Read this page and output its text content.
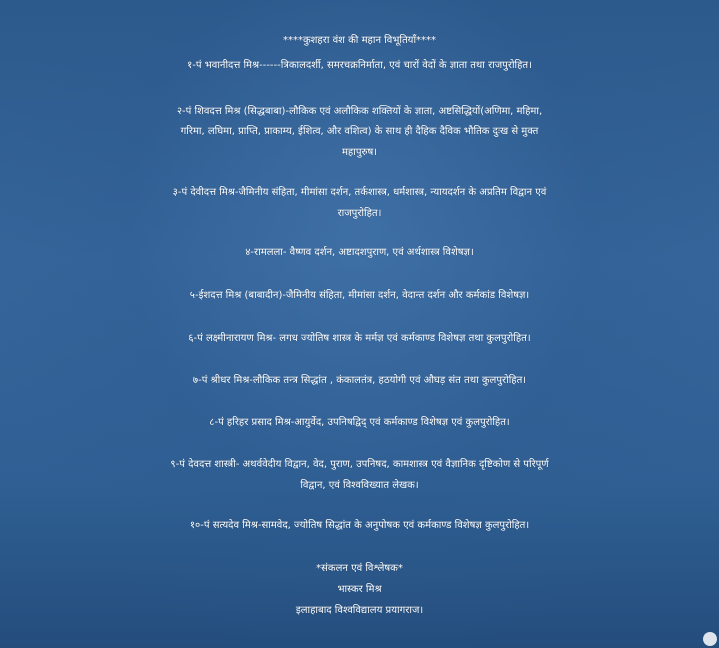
****कुशहरा वंश की महान विभूतियाँ****
१-पं भवानीदत्त मिश्र------त्रिकालदर्शी, समरचक्रनिर्माता, एवं चारों वेदों के ज्ञाता तथा राजपुरोहित।
२-पं शिवदत्त मिश्र (सिद्धबाबा)-लौकिक एवं अलौकिक शक्तियों के ज्ञाता, अष्टसिद्धियों(अणिमा, महिमा,
गरिमा, लघिमा, प्राप्ति, प्राकाम्य, ईशित्व, और वशित्व) के साथ ही दैहिक दैविक भौतिक दुःख से मुक्त
महापुरुष।
३-पं देवीदत्त मिश्र-जैमिनीय संहिता, मीमांसा दर्शन, तर्कशास्त्र, धर्मशास्त्र, न्यायदर्शन के अप्रतिम विद्वान एवं
राजपुरोहित।
४-रामलला- वैष्णव दर्शन, अष्टादशपुराण, एवं अर्थशास्त्र विशेषज्ञ।
५-ईशदत्त मिश्र (बाबादीन)-जैमिनीय संहिता, मीमांसा दर्शन, वेदान्त दर्शन और कर्मकांड विशेषज्ञ।
६-पं लक्ष्मीनारायण मिश्र- लगध ज्योतिष शास्त्र के मर्मज्ञ एवं कर्मकाण्ड विशेषज्ञ तथा कुलपुरोहित।
७-पं श्रीधर मिश्र-लौकिक तन्त्र सिद्धांत , कंकालतंत्र, हठयोगी एवं औघड़ संत तथा कुलपुरोहित।
८-पं हरिहर प्रसाद मिश्र-आयुर्वेद, उपनिषद्विद् एवं कर्मकाण्ड विशेषज्ञ एवं कुलपुरोहित।
९-पं देवदत्त शास्त्री- अथर्ववेदीय विद्वान, वेद, पुराण, उपनिषद, कामशास्त्र एवं वैज्ञानिक दृष्टिकोण से परिपूर्ण
विद्वान, एवं विश्वविख्यात लेखक।
१०-पं सत्यदेव मिश्र-सामवेद, ज्योतिष सिद्धांत के अनुपोषक एवं कर्मकाण्ड विशेषज्ञ कुलपुरोहित।
*संकलन एवं विश्लेषक*
भास्कर मिश्र
इलाहाबाद विश्वविद्यालय प्रयागराज।
